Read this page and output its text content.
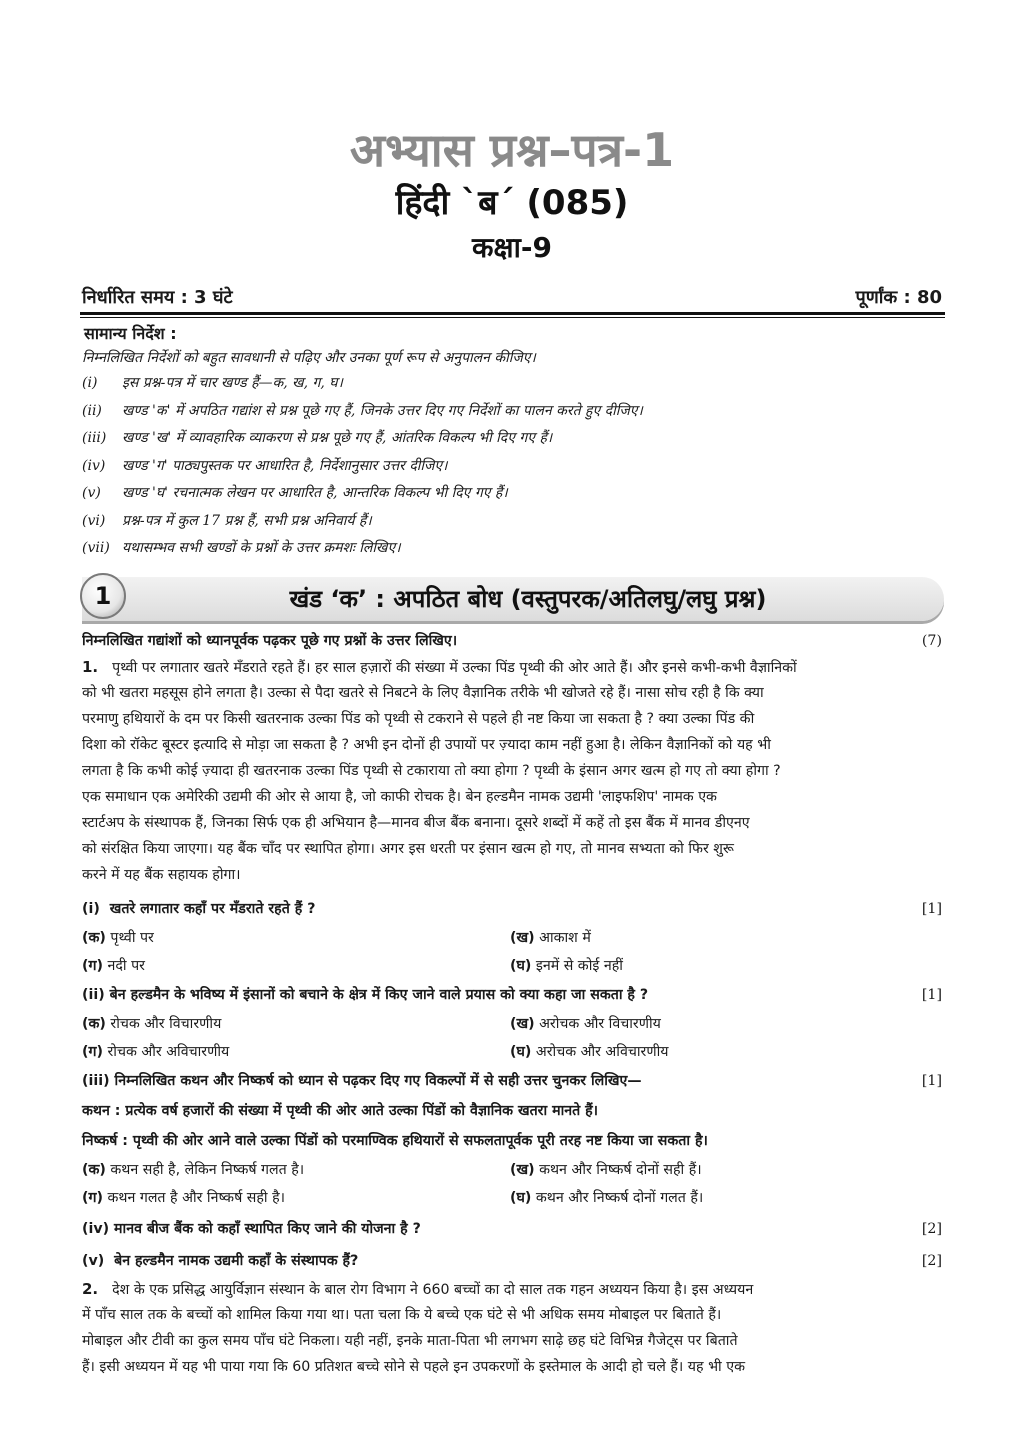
अभ्यास प्रश्न–पत्र-1
हिंदी `ब´ (085)
कक्षा-9
निर्धारित समय : 3 घंटे	पूर्णांक : 80
सामान्य निर्देश :
निम्नलिखित निर्देशों को बहुत सावधानी से पढ़िए और उनका पूर्ण रूप से अनुपालन कीजिए।
(i)	इस प्रश्न-पत्र में चार खण्ड हैं—क, ख, ग, घ।
(ii)	खण्ड 'क' में अपठित गद्यांश से प्रश्न पूछे गए हैं, जिनके उत्तर दिए गए निर्देशों का पालन करते हुए दीजिए।
(iii)	खण्ड 'ख' में व्यावहारिक व्याकरण से प्रश्न पूछे गए हैं, आंतरिक विकल्प भी दिए गए हैं।
(iv)	खण्ड 'ग' पाठ्यपुस्तक पर आधारित है, निर्देशानुसार उत्तर दीजिए।
(v)	खण्ड 'घ' रचनात्मक लेखन पर आधारित है, आन्तरिक विकल्प भी दिए गए हैं।
(vi)	प्रश्न-पत्र में कुल 17 प्रश्न हैं, सभी प्रश्न अनिवार्य हैं।
(vii) यथासम्भव सभी खण्डों के प्रश्नों के उत्तर क्रमशः लिखिए।
1	खंड ‘क’ : अपठित बोध (वस्तुपरक/अतिलघु/लघु प्रश्न)
निम्नलिखित गद्यांशों को ध्यानपूर्वक पढ़कर पूछे गए प्रश्नों के उत्तर लिखिए।	(7)
1. पृथ्वी पर लगातार खतरे मँडराते रहते हैं। हर साल हज़ारों की संख्या में उल्का पिंड पृथ्वी की ओर आते हैं। और इनसे कभी-कभी वैज्ञानिकों
को भी खतरा महसूस होने लगता है। उल्का से पैदा खतरे से निबटने के लिए वैज्ञानिक तरीके भी खोजते रहे हैं। नासा सोच रही है कि क्या
परमाणु हथियारों के दम पर किसी खतरनाक उल्का पिंड को पृथ्वी से टकराने से पहले ही नष्ट किया जा सकता है ? क्या उल्का पिंड की
दिशा को रॉकेट बूस्टर इत्यादि से मोड़ा जा सकता है ? अभी इन दोनों ही उपायों पर ज़्यादा काम नहीं हुआ है। लेकिन वैज्ञानिकों को यह भी
लगता है कि कभी कोई ज़्यादा ही खतरनाक उल्का पिंड पृथ्वी से टकाराया तो क्या होगा ? पृथ्वी के इंसान अगर खत्म हो गए तो क्या होगा ?
एक समाधान एक अमेरिकी उद्यमी की ओर से आया है, जो काफी रोचक है। बेन हल्डमैन नामक उद्यमी 'लाइफशिप' नामक एक
स्टार्टअप के संस्थापक हैं, जिनका सिर्फ एक ही अभियान है—मानव बीज बैंक बनाना। दूसरे शब्दों में कहें तो इस बैंक में मानव डीएनए
को संरक्षित किया जाएगा। यह बैंक चाँद पर स्थापित होगा। अगर इस धरती पर इंसान खत्म हो गए, तो मानव सभ्यता को फिर शुरू
करने में यह बैंक सहायक होगा।
(i) खतरे लगातार कहाँ पर मँडराते रहते हैं ?	[1]
(क) पृथ्वी पर	(ख) आकाश में
(ग) नदी पर	(घ) इनमें से कोई नहीं
(ii) बेन हल्डमैन के भविष्य में इंसानों को बचाने के क्षेत्र में किए जाने वाले प्रयास को क्या कहा जा सकता है ?	[1]
(क) रोचक और विचारणीय	(ख) अरोचक और विचारणीय
(ग) रोचक और अविचारणीय	(घ) अरोचक और अविचारणीय
(iii) निम्नलिखित कथन और निष्कर्ष को ध्यान से पढ़कर दिए गए विकल्पों में से सही उत्तर चुनकर लिखिए—	[1]
कथन : प्रत्येक वर्ष हजारों की संख्या में पृथ्वी की ओर आते उल्का पिंडों को वैज्ञानिक खतरा मानते हैं।
निष्कर्ष : पृथ्वी की ओर आने वाले उल्का पिंडों को परमाण्विक हथियारों से सफलतापूर्वक पूरी तरह नष्ट किया जा सकता है।
(क) कथन सही है, लेकिन निष्कर्ष गलत है।	(ख) कथन और निष्कर्ष दोनों सही हैं।
(ग) कथन गलत है और निष्कर्ष सही है।	(घ) कथन और निष्कर्ष दोनों गलत हैं।
(iv) मानव बीज बैंक को कहाँ स्थापित किए जाने की योजना है ?	[2]
(v) बेन हल्डमैन नामक उद्यमी कहाँ के संस्थापक हैं?	[2]
2. देश के एक प्रसिद्ध आयुर्विज्ञान संस्थान के बाल रोग विभाग ने 660 बच्चों का दो साल तक गहन अध्ययन किया है। इस अध्ययन
में पाँच साल तक के बच्चों को शामिल किया गया था। पता चला कि ये बच्चे एक घंटे से भी अधिक समय मोबाइल पर बिताते हैं।
मोबाइल और टीवी का कुल समय पाँच घंटे निकला। यही नहीं, इनके माता-पिता भी लगभग साढ़े छह घंटे विभिन्न गैजेट्स पर बिताते
हैं। इसी अध्ययन में यह भी पाया गया कि 60 प्रतिशत बच्चे सोने से पहले इन उपकरणों के इस्तेमाल के आदी हो चले हैं। यह भी एक
